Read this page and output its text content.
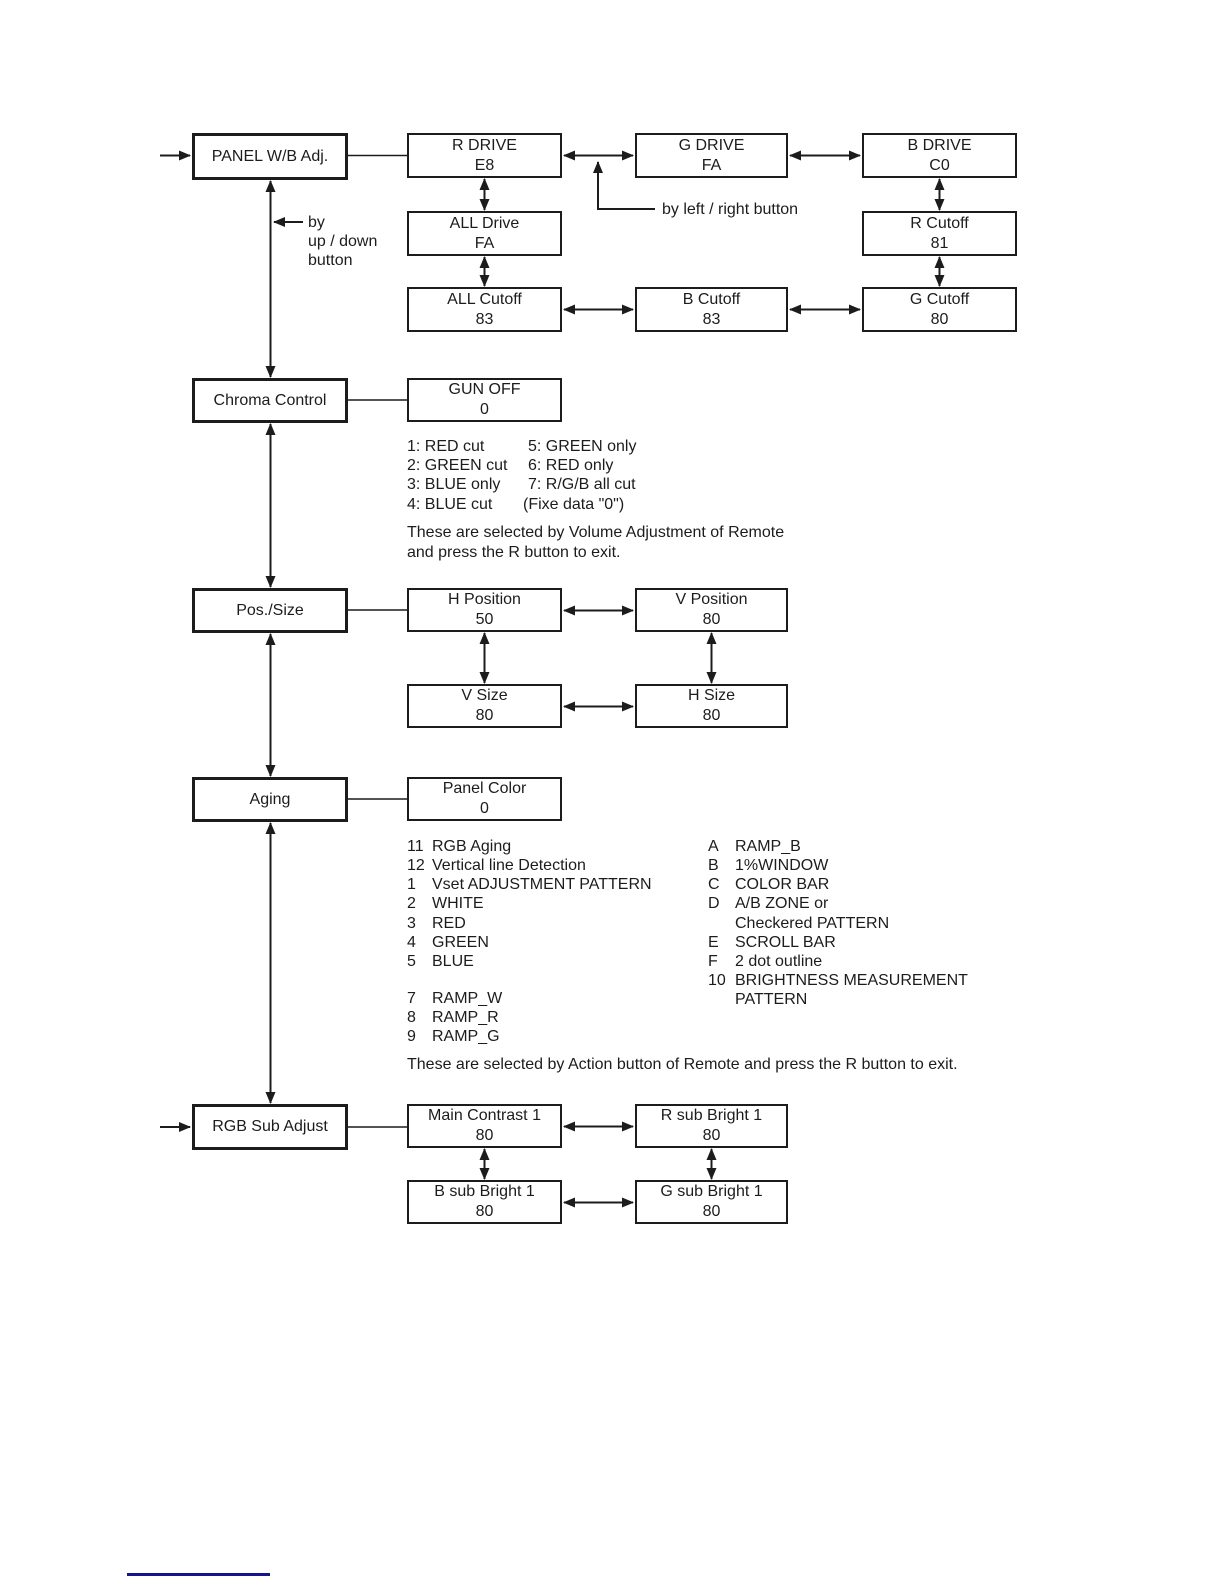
PANEL W/B Adj.
Chroma Control
Pos./Size
Aging
RGB Sub Adjust
R DRIVE
E8
G DRIVE
FA
B DRIVE
C0
ALL Drive
FA
R Cutoff
81
ALL Cutoff
83
B Cutoff
83
G Cutoff
80
by left / right button
by
up / down
button
GUN OFF
0
1: RED cut
2: GREEN cut
3: BLUE only
4: BLUE cut
5: GREEN only
6: RED only
7: R/G/B all cut
(Fixe data "0")
These are selected by Volume Adjustment of Remote
and press the R button to exit.
H Position
50
V Position
80
V Size
80
H Size
80
Panel Color
0
11 RGB Aging
12 Vertical line Detection
1	Vset ADJUSTMENT PATTERN
2	WHITE
3	RED
4	GREEN
5	BLUE
7	RAMP_W
8	RAMP_R
9	RAMP_G
A	RAMP_B
B	1%WINDOW
C COLOR BAR
D A/B ZONE or
Checkered PATTERN
E	SCROLL BAR
F	2 dot outline
10 BRIGHTNESS MEASUREMENT
PATTERN
These are selected by Action button of Remote and press the R button to exit.
Main Contrast 1
80
R sub Bright 1
80
B sub Bright 1
80
G sub Bright 1
80
